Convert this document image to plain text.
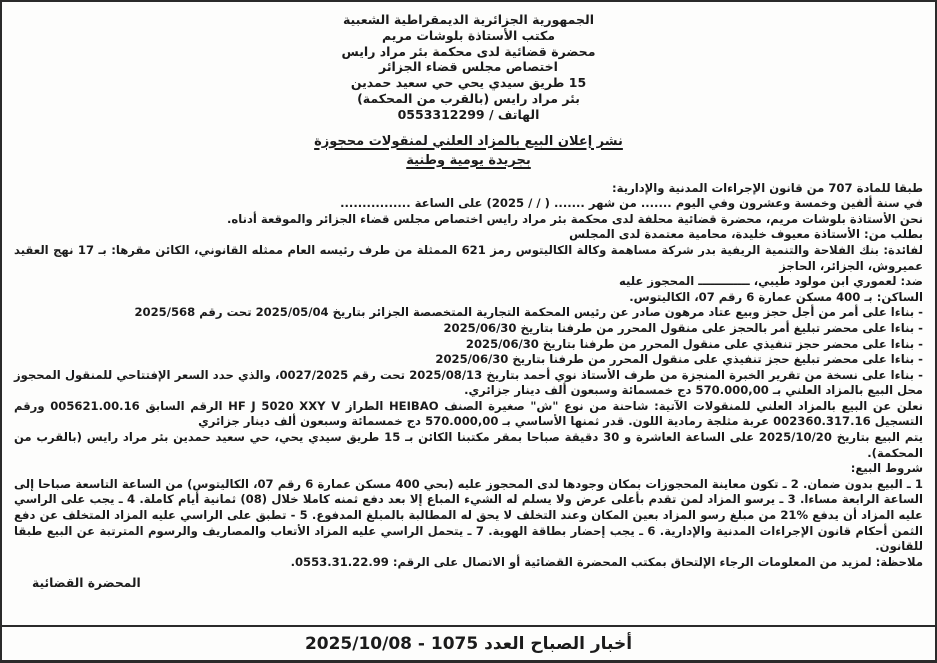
الجمهورية الجزائرية الديمقراطية الشعبية
مكتب الأستاذة بلوشات مريم
محضرة قضائية لدى محكمة بئر مراد رايس
اختصاص مجلس قضاء الجزائر
15 طريق سيدي يحي حي سعيد حمدين
بئر مراد رايس (بالقرب من المحكمة)
الهاتف / 0553312299
نشر إعلان البيع بالمزاد العلني لمنقولات محجوزة
بجريدة يومية وطنية

طبقا للمادة 707 من قانون الإجراءات المدنية والإدارية:

في سنة ألفين وخمسة وعشرون وفي اليوم ....... من شهر ....... ( / / 2025) على الساعة ................

نحن الأستاذة بلوشات مريم، محضرة قضائية محلفة لدى محكمة بئر مراد رايس اختصاص مجلس قضاء الجزائر والموقعة أدناه.

بطلب من: الأستاذة معيوف خليدة، محامية معتمدة لدى المجلس

لفائدة: بنك الفلاحة والتنمية الريفية بدر شركة مساهمة وكالة الكاليتوس رمز 621 الممثلة من طرف رئيسه العام ممثله القانوني، الكائن مقرها: بـ 17 نهج العقيد عميروش، الجزائر، الحاجز

ضد: لعموري ابن مولود طيبي، ـــــــــــــ المحجوز عليه

الساكن: بـ 400 مسكن عمارة 6 رقم 07، الكاليتوس.

- بناءا على أمر من أجل حجز وبيع عتاد مرهون صادر عن رئيس المحكمة التجارية المتخصصة الجزائر بتاريخ 2025/05/04 تحت رقم 2025/568

- بناءا على محضر تبليغ أمر بالحجز على منقول المحرر من طرفنا بتاريخ 2025/06/30

- بناءا على محضر حجز تنفيذي على منقول المحرر من طرفنا بتاريخ 2025/06/30

- بناءا على محضر تبليغ حجز تنفيذي على منقول المحرر من طرفنا بتاريخ 2025/06/30

- بناءا على نسخة من تقرير الخبرة المنجزة من طرف الأستاذ نوي أحمد بتاريخ 2025/08/13 تحت رقم 0027/2025، والذي حدد السعر الإفتتاحي للمنقول المحجوز محل البيع بالمزاد العلني بـ 570.000,00 دج خمسمائة وسبعون ألف دينار جزائري.

نعلن عن البيع بالمزاد العلني للمنقولات الآتية: شاحنة من نوع "ش" صغيرة الصنف HEIBAO الطراز HF J 5020 XXY V الرقم السابق 005621.00.16 ورقم التسجيل 002360.317.16 عربة مثلجة رمادية اللون. قدر ثمنها الأساسي بـ 570.000,00 دج خمسمائة وسبعون ألف دينار جزائري

يتم البيع بتاريخ 2025/10/20 على الساعة العاشرة و 30 دقيقة صباحا بمقر مكتبنا الكائن بـ 15 طريق سيدي يحي، حي سعيد حمدين بئر مراد رايس (بالقرب من المحكمة).

شروط البيع:

1 ـ البيع بدون ضمان. 2 ـ تكون معاينة المحجوزات بمكان وجودها لدى المحجوز عليه (بحي 400 مسكن عمارة 6 رقم 07، الكاليتوس) من الساعة التاسعة صباحا إلى الساعة الرابعة مساءا. 3 ـ يرسو المزاد لمن تقدم بأعلى عرض ولا يسلم له الشيء المباع إلا بعد دفع ثمنه كاملا خلال (08) ثمانية أيام كاملة. 4 ـ يجب على الراسي عليه المزاد أن يدفع %21 من مبلغ رسو المزاد بعين المكان وعند التخلف لا يحق له المطالبة بالمبلغ المدفوع. 5 - تطبق على الراسي عليه المزاد المتخلف عن دفع الثمن أحكام قانون الإجراءات المدنية والإدارية. 6 ـ يجب إحضار بطاقة الهوية. 7 ـ يتحمل الراسي عليه المزاد الأتعاب والمصاريف والرسوم المترتبة عن البيع طبقا للقانون.

ملاحظة: لمزيد من المعلومات الرجاء الإلتحاق بمكتب المحضرة القضائية أو الاتصال على الرقم: 0553.31.22.99.

المحضرة القضائية
أخبار الصباح العدد 1075 - 2025/10/08
